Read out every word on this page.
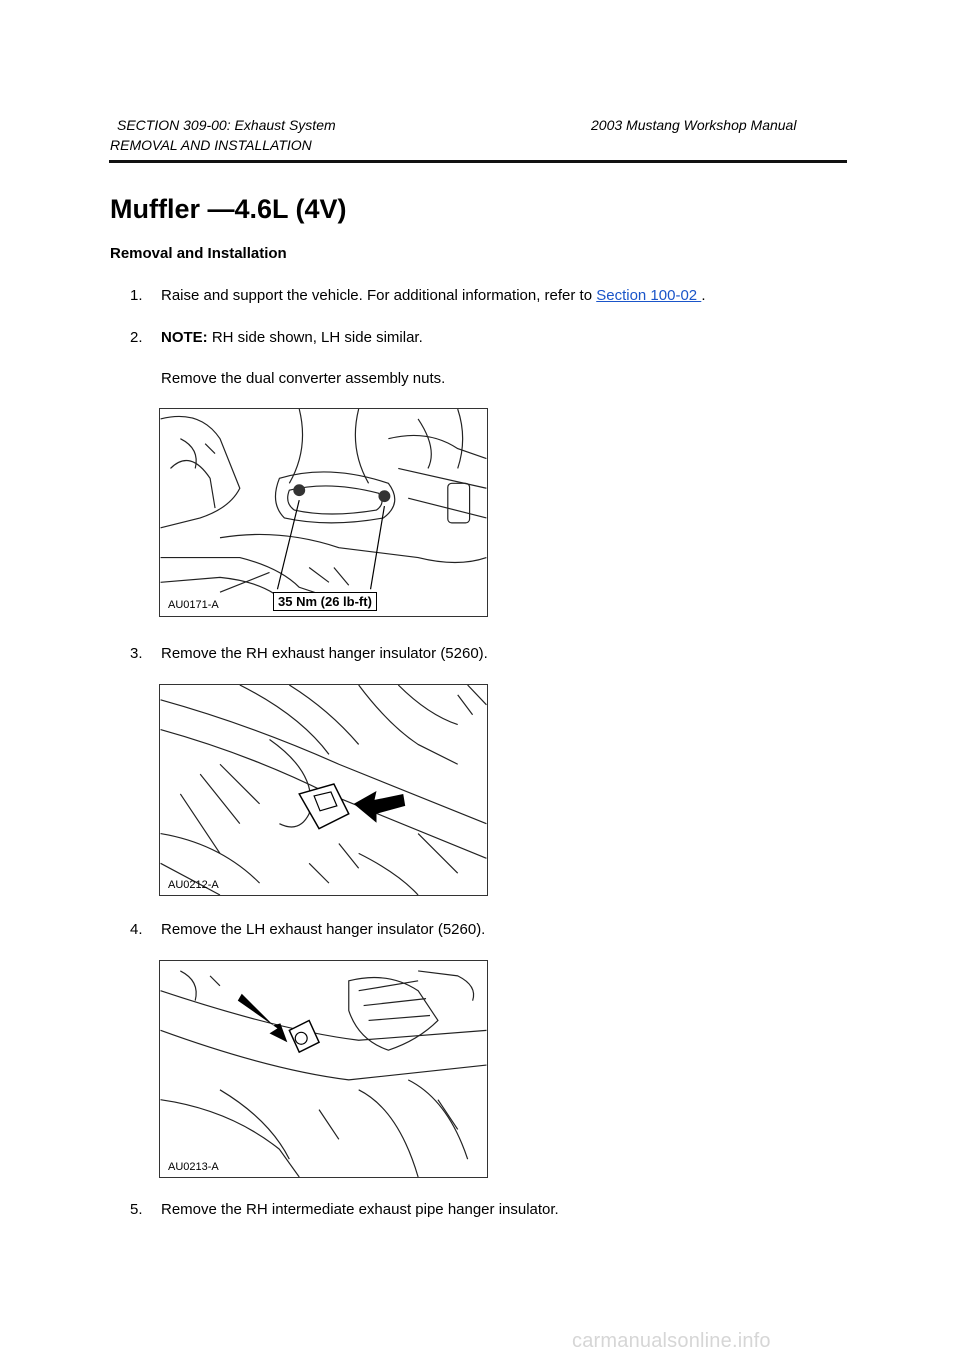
SECTION 309-00: Exhaust System	2003 Mustang Workshop Manual
REMOVAL AND INSTALLATION
Muffler —4.6L (4V)
Removal and Installation
1. Raise and support the vehicle. For additional information, refer to Section 100-02 .
2. NOTE: RH side shown, LH side similar.
Remove the dual converter assembly nuts.
35 Nm (26 lb-ft)
AU0171-A
3. Remove the RH exhaust hanger insulator (5260).
AU0212-A
4. Remove the LH exhaust hanger insulator (5260).
AU0213-A
5. Remove the RH intermediate exhaust pipe hanger insulator.
carmanualsonline.info
